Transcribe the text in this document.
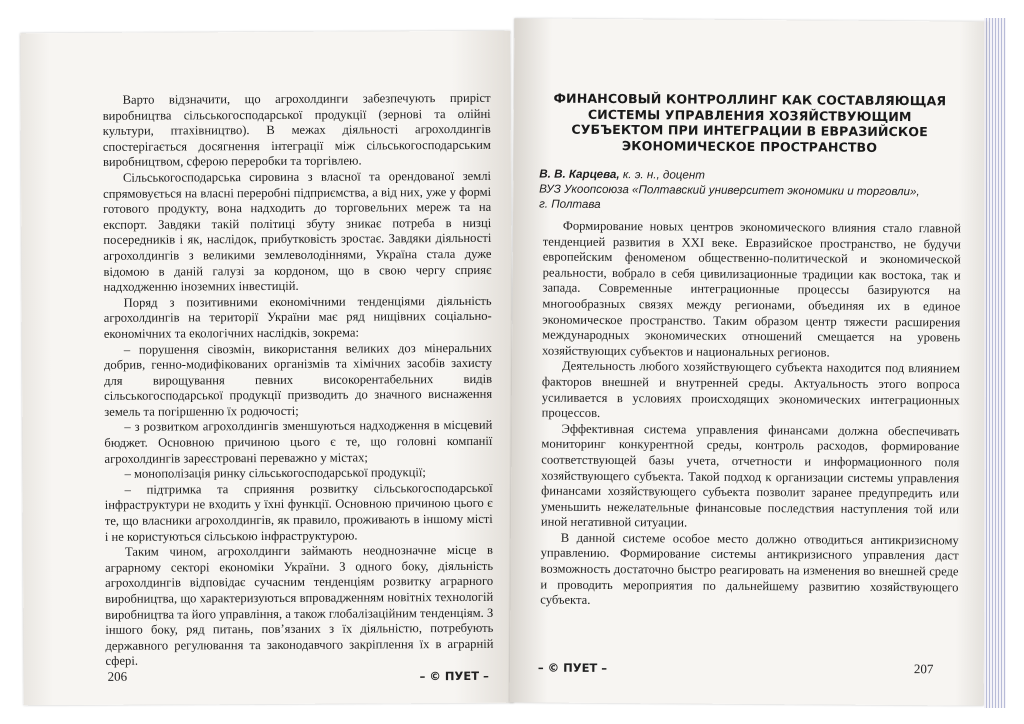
Варто відзначити, що агрохолдинги забезпечують приріст виробництва сільськогосподарської продукції (зернові та олійні культури, птахівництво). В межах діяльності агрохолдингів спостерігається досягнення інтеграції між сільськогосподарським виробництвом, сферою переробки та торгівлею.

Сільськогосподарська сировина з власної та орендованої землі спрямовується на власні переробні підприємства, а від них, уже у формі готового продукту, вона надходить до торговельних мереж та на експорт. Завдяки такій політиці збуту зникає потреба в низці посередників і як, наслідок, прибутковість зростає. Завдяки діяльності агрохолдингів з великими землеволодіннями, Україна стала дуже відомою в даній галузі за кордоном, що в свою чергу сприяє надходженню іноземних інвестицій.

Поряд з позитивними економічними тенденціями діяльність агрохолдингів на території України має ряд нищівних соціально-економічних та екологічних наслідків, зокрема:

– порушення сівозмін, використання великих доз мінеральних добрив, генно-модифікованих організмів та хімічних засобів захисту для вирощування певних високорентабельних видів сільськогосподарської продукції призводить до значного виснаження земель та погіршенню їх родючості;

– з розвитком агрохолдингів зменшуються надходження в місцевий бюджет. Основною причиною цього є те, що головні компанії агрохолдингів зареєстровані переважно у містах;

– монополізація ринку сільськогосподарської продукції;

– підтримка та сприяння розвитку сільськогосподарської інфраструктури не входить у їхні функції. Основною причиною цього є те, що власники агрохолдингів, як правило, проживають в іншому місті і не користуються сільською інфраструктурою.

Таким чином, агрохолдинги займають неоднозначне місце в аграрному секторі економіки України. З одного боку, діяльність агрохолдингів відповідає сучасним тенденціям розвитку аграрного виробництва, що характеризуються впровадженням новітніх технологій виробництва та його управління, а також глобалізаційним тенденціям. З іншого боку, ряд питань, пов’язаних з їх діяльністю, потребують державного регулювання та законодавчого закріплення їх в аграрній сфері.

206	– © ПУЕТ –
ФИНАНСОВЫЙ КОНТРОЛЛИНГ КАК СОСТАВЛЯЮЩАЯ СИСТЕМЫ УПРАВЛЕНИЯ ХОЗЯЙСТВУЮЩИМ СУБЪЕКТОМ ПРИ ИНТЕГРАЦИИ В ЕВРАЗИЙСКОЕ ЭКОНОМИЧЕСКОЕ ПРОСТРАНСТВО
В. В. Карцева, к. э. н., доцент
ВУЗ Укоопсоюза «Полтавский университет экономики и торговли»,
г. Полтава

Формирование новых центров экономического влияния стало главной тенденцией развития в XXI веке. Евразийское пространство, не будучи европейским феноменом общественно-политической и экономической реальности, вобрало в себя цивилизационные традиции как востока, так и запада. Современные интеграционные процессы базируются на многообразных связях между регионами, объединяя их в единое экономическое пространство. Таким образом центр тяжести расширения международных экономических отношений смещается на уровень хозяйствующих субъектов и национальных регионов.

Деятельность любого хозяйствующего субъекта находится под влиянием факторов внешней и внутренней среды. Актуальность этого вопроса усиливается в условиях происходящих экономических интеграционных процессов.

Эффективная система управления финансами должна обеспечивать мониторинг конкурентной среды, контроль расходов, формирование соответствующей базы учета, отчетности и информационного поля хозяйствующего субъекта. Такой подход к организации системы управления финансами хозяйствующего субъекта позволит заранее предупредить или уменьшить нежелательные финансовые последствия наступления той или иной негативной ситуации.

В данной системе особое место должно отводиться антикризисному управлению. Формирование системы антикризисного управления даст возможность достаточно быстро реагировать на изменения во внешней среде и проводить мероприятия по дальнейшему развитию хозяйствующего субъекта.

– © ПУЕТ –	207
